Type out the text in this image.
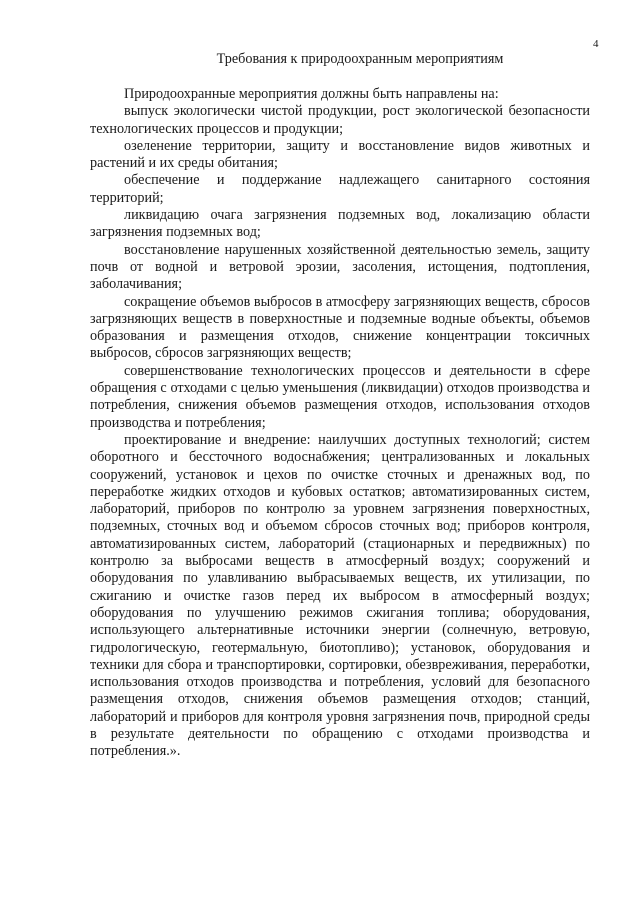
4
Требования к природоохранным мероприятиям

Природоохранные мероприятия должны быть направлены на:

выпуск экологически чистой продукции, рост экологической безопасности технологических процессов и продукции;

озеленение территории, защиту и восстановление видов животных и растений и их среды обитания;

обеспечение и поддержание надлежащего санитарного состояния территорий;

ликвидацию очага загрязнения подземных вод, локализацию области загрязнения подземных вод;

восстановление нарушенных хозяйственной деятельностью земель, защиту почв от водной и ветровой эрозии, засоления, истощения, подтопления, заболачивания;

сокращение объемов выбросов в атмосферу загрязняющих веществ, сбросов загрязняющих веществ в поверхностные и подземные водные объекты, объемов образования и размещения отходов, снижение концентрации токсичных выбросов, сбросов загрязняющих веществ;

совершенствование технологических процессов и деятельности в сфере обращения с отходами с целью уменьшения (ликвидации) отходов производства и потребления, снижения объемов размещения отходов, использования отходов производства и потребления;

проектирование и внедрение: наилучших доступных технологий; систем оборотного и бессточного водоснабжения; централизованных и локальных сооружений, установок и цехов по очистке сточных и дренажных вод, по переработке жидких отходов и кубовых остатков; автоматизированных систем, лабораторий, приборов по контролю за уровнем загрязнения поверхностных, подземных, сточных вод и объемом сбросов сточных вод; приборов контроля, автоматизированных систем, лабораторий (стационарных и передвижных) по контролю за выбросами веществ в атмосферный воздух; сооружений и оборудования по улавливанию выбрасываемых веществ, их утилизации, по сжиганию и очистке газов перед их выбросом в атмосферный воздух; оборудования по улучшению режимов сжигания топлива; оборудования, использующего альтернативные источники энергии (солнечную, ветровую, гидрологическую, геотермальную, биотопливо); установок, оборудования и техники для сбора и транспортировки, сортировки, обезвреживания, переработки, использования отходов производства и потребления, условий для безопасного размещения отходов, снижения объемов размещения отходов; станций, лабораторий и приборов для контроля уровня загрязнения почв, природной среды в результате деятельности по обращению с отходами производства и потребления.».
